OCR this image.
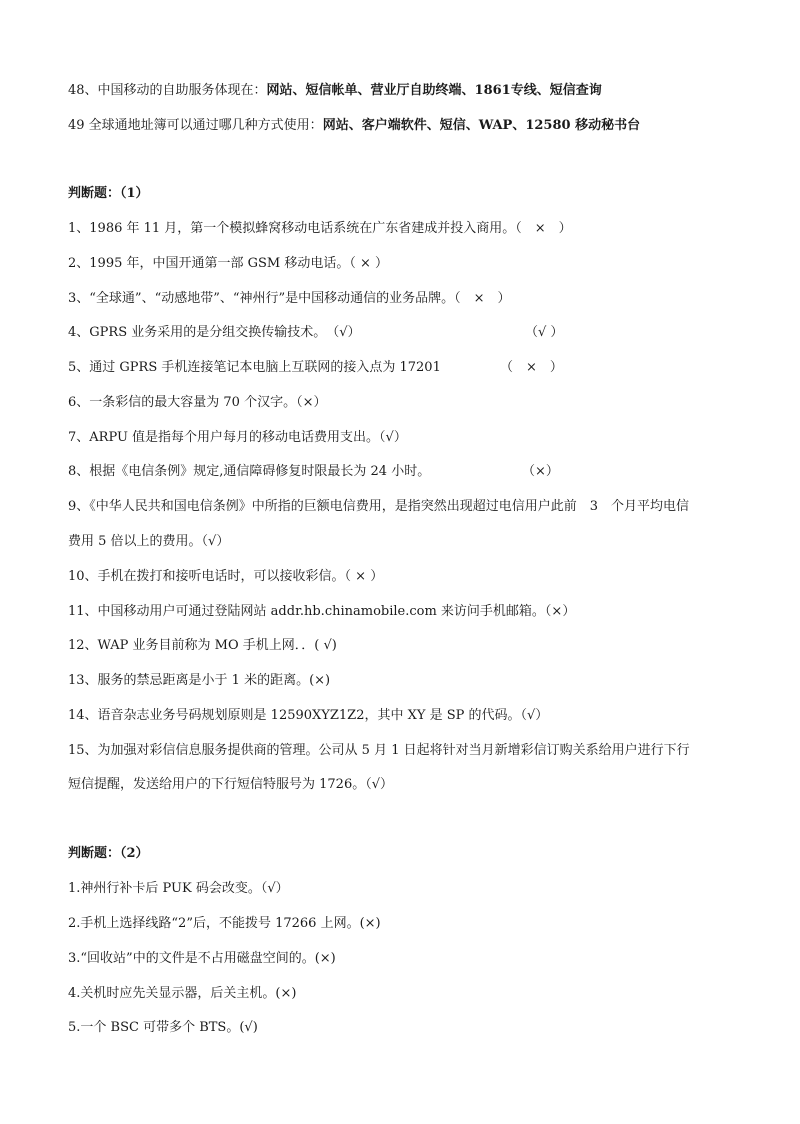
48、中国移动的自助服务体现在：网站、短信帐单、营业厅自助终端、1861专线、短信查询
49 全球通地址簿可以通过哪几种方式使用：网站、客户端软件、短信、WAP、12580 移动秘书台
判断题：（1）
1、1986 年 11 月，第一个模拟蜂窝移动电话系统在广东省建成并投入商用。（　×　）
2、1995 年，中国开通第一部 GSM 移动电话。（ × ）
3、“全球通”、“动感地带”、“神州行”是中国移动通信的业务品牌。（　×　）
4、GPRS 业务采用的是分组交换传输技术。　（√）	（√ ）
5、通过 GPRS 手机连接笔记本电脑上互联网的接入点为 17201	（　×　）
6、一条彩信的最大容量为 70 个汉字。（×）
7、ARPU 值是指每个用户每月的移动电话费用支出。（√）
8、根据《电信条例》规定,通信障碍修复时限最长为 24 小时。	（×）
9、《中华人民共和国电信条例》中所指的巨额电信费用，是指突然出现超过电信用户此前　3　个月平均电信
费用 5 倍以上的费用。（√）
10、手机在拨打和接听电话时，可以接收彩信。（ × ）
11、中国移动用户可通过登陆网站 addr.hb.chinamobile.com 来访问手机邮箱。（×）
12、WAP 业务目前称为 MO 手机上网．．( √)
13、服务的禁忌距离是小于 1 米的距离。(×)
14、语音杂志业务号码规划原则是 12590XYZ1Z2，其中 XY 是 SP 的代码。（√）
15、为加强对彩信信息服务提供商的管理。公司从 5 月 1 日起将针对当月新增彩信订购关系给用户进行下行
短信提醒，发送给用户的下行短信特服号为 1726。（√）
判断题：（2）
1.神州行补卡后 PUK 码会改变。（√）
2.手机上选择线路“2”后，不能拨号 17266 上网。(×)
3.“回收站”中的文件是不占用磁盘空间的。(×)
4.关机时应先关显示器，后关主机。(×)
5.一个 BSC 可带多个 BTS。(√)
